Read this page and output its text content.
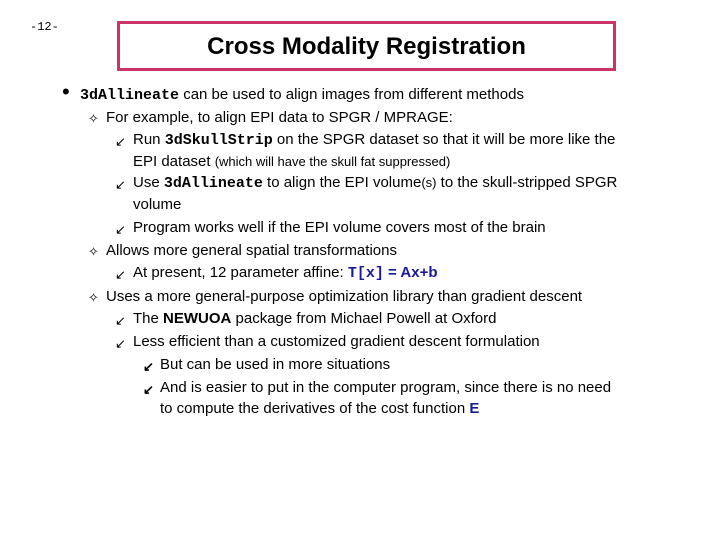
-12-
Cross Modality Registration
• 3dAllineate can be used to align images from different methods
✧ For example, to align EPI data to SPGR / MPRAGE:
↙ Run 3dSkullStrip on the SPGR dataset so that it will be more like the
EPI dataset (which will have the skull fat suppressed)
↙ Use 3dAllineate to align the EPI volume(s) to the skull-stripped SPGR
volume
↙ Program works well if the EPI volume covers most of the brain
✧ Allows more general spatial transformations
↙ At present, 12 parameter affine: T[x] = Ax+b
✧ Uses a more general-purpose optimization library than gradient descent
↙ The NEWUOA package from Michael Powell at Oxford
↙ Less efficient than a customized gradient descent formulation
↙ But can be used in more situations
↙ And is easier to put in the computer program, since there is no need
to compute the derivatives of the cost function E
